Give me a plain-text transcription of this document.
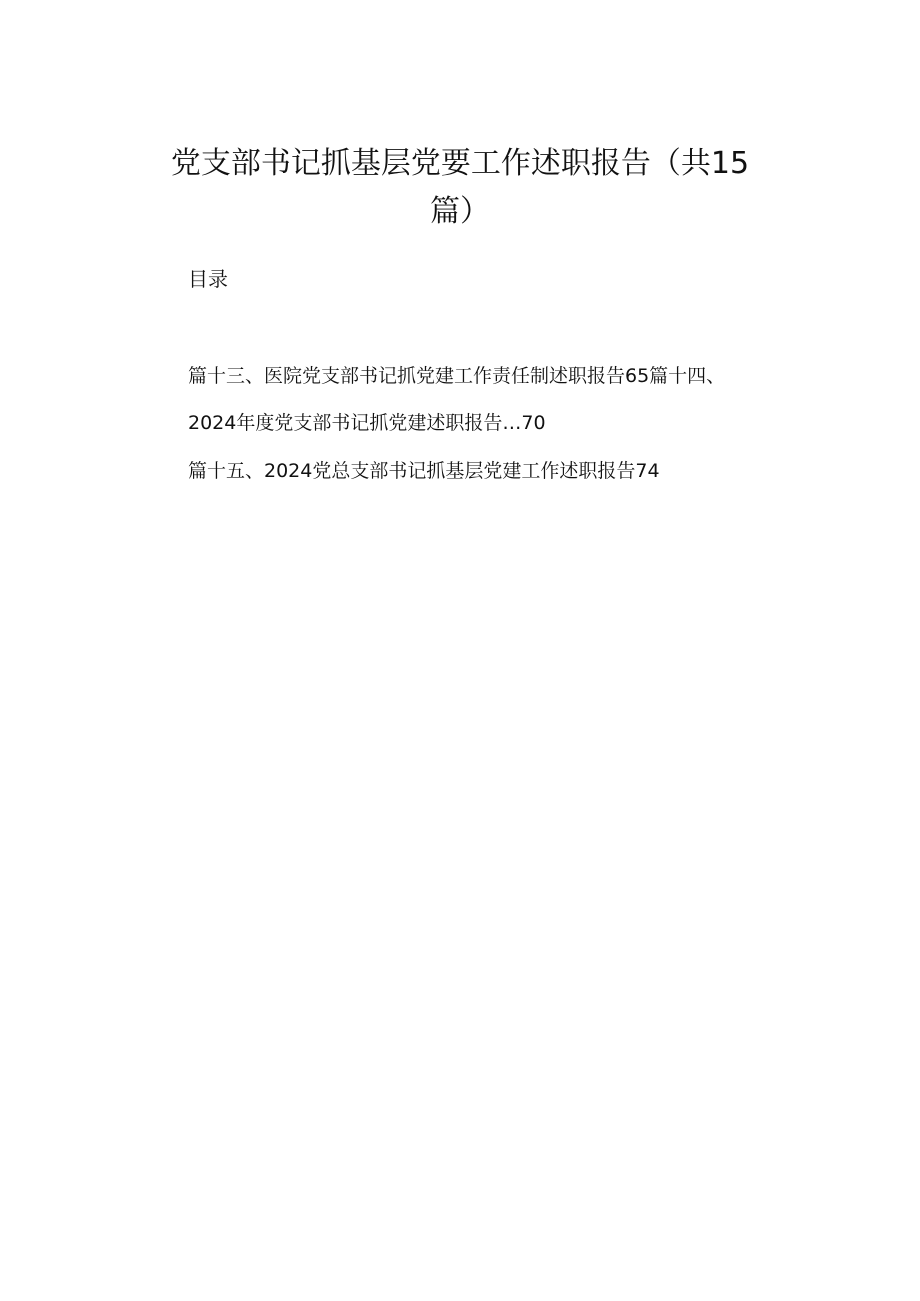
党支部书记抓基层党要工作述职报告（共15
篇）
目录
篇十三、医院党支部书记抓党建工作责任制述职报告65篇十四、
2024年度党支部书记抓党建述职报告…70
篇十五、2024党总支部书记抓基层党建工作述职报告74
